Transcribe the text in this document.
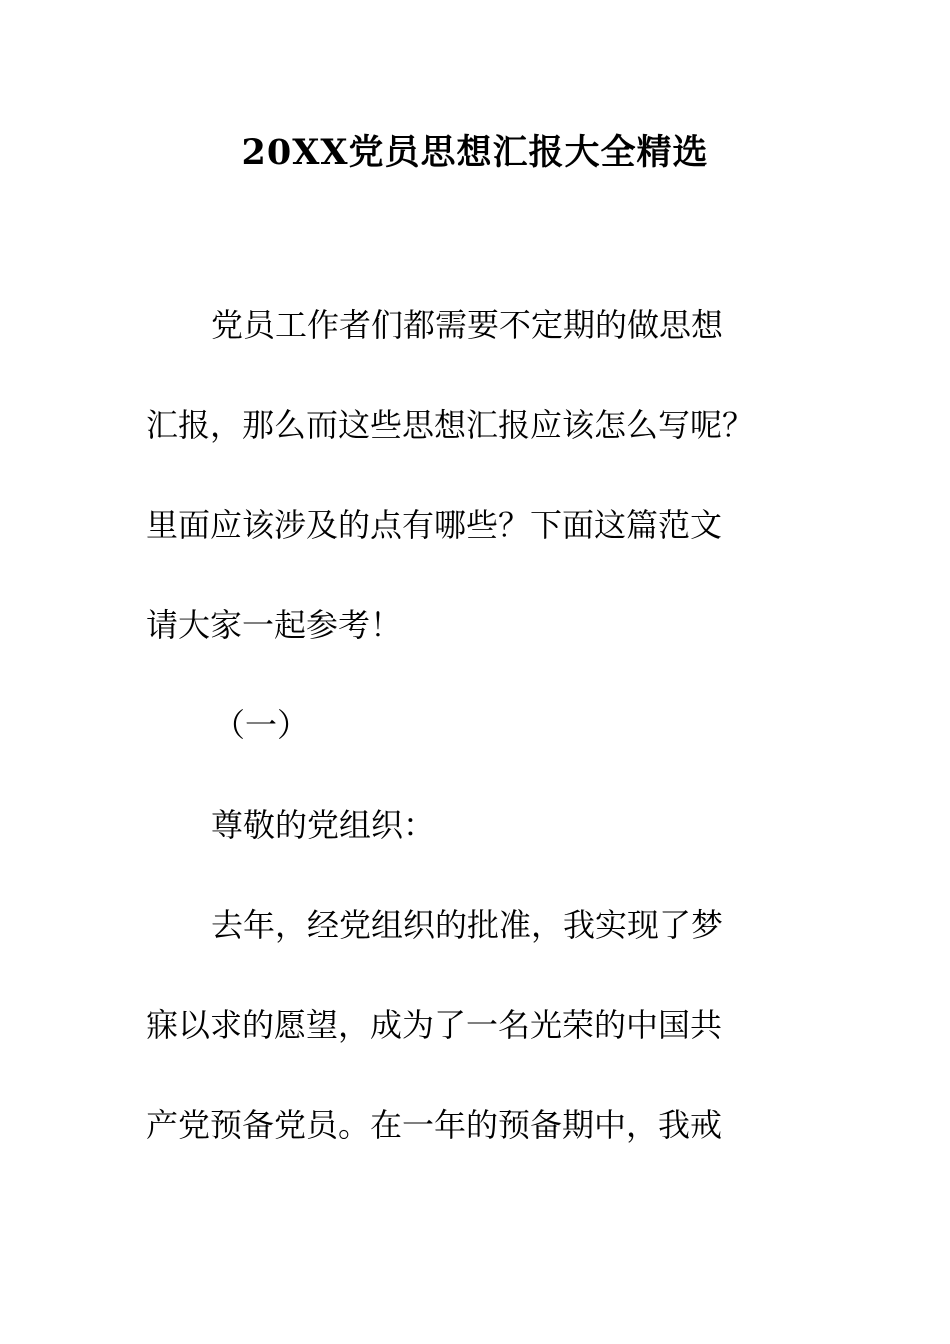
20XX党员思想汇报大全精选
党员工作者们都需要不定期的做思想
汇报，那么而这些思想汇报应该怎么写呢？
里面应该涉及的点有哪些？下面这篇范文
请大家一起参考！
（一）
尊敬的党组织：
去年，经党组织的批准，我实现了梦
寐以求的愿望，成为了一名光荣的中国共
产党预备党员。在一年的预备期中，我戒
